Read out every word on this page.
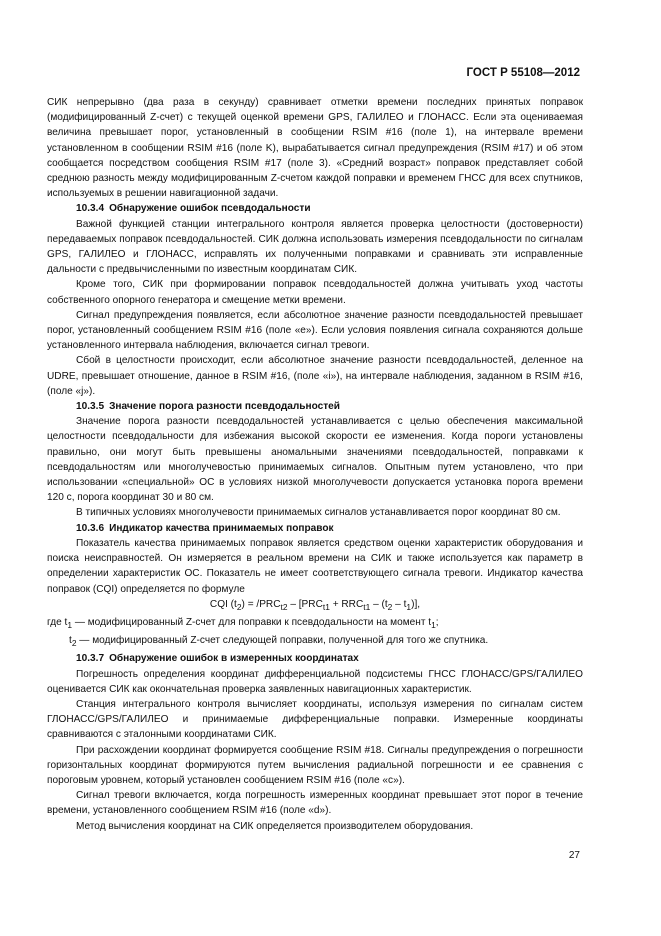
ГОСТ Р 55108—2012

СИК непрерывно (два раза в секунду) сравнивает отметки времени последних принятых поправок (модифицированный Z-счет) с текущей оценкой времени GPS, ГАЛИЛЕО и ГЛОНАСС. Если эта оцениваемая величина превышает порог, установленный в сообщении RSIM #16 (поле 1), на интервале времени установленном в сообщении RSIM #16 (поле K), вырабатывается сигнал предупреждения (RSIM #17) и об этом сообщается посредством сообщения RSIM #17 (поле 3). «Средний возраст» поправок представляет собой среднюю разность между модифицированным Z-счетом каждой поправки и временем ГНСС для всех спутников, используемых в решении навигационной задачи.

10.3.4 Обнаружение ошибок псевдодальности

Важной функцией станции интегрального контроля является проверка целостности (достоверности) передаваемых поправок псевдодальностей. СИК должна использовать измерения псевдодальности по сигналам GPS, ГАЛИЛЕО и ГЛОНАСС, исправлять их полученными поправками и сравнивать эти исправленные дальности с предвычисленными по известным координатам СИК.

Кроме того, СИК при формировании поправок псевдодальностей должна учитывать уход частоты собственного опорного генератора и смещение метки времени.

Сигнал предупреждения появляется, если абсолютное значение разности псевдодальностей превышает порог, установленный сообщением RSIM #16 (поле «е»). Если условия появления сигнала сохраняются дольше установленного интервала наблюдения, включается сигнал тревоги.

Сбой в целостности происходит, если абсолютное значение разности псевдодальностей, деленное на UDRE, превышает отношение, данное в RSIM #16, (поле «i»), на интервале наблюдения, заданном в RSIM #16, (поле «j»).

10.3.5 Значение порога разности псевдодальностей

Значение порога разности псевдодальностей устанавливается с целью обеспечения максимальной целостности псевдодальности для избежания высокой скорости ее изменения. Когда пороги установлены правильно, они могут быть превышены аномальными значениями псевдодальностей, поправками к псевдодальностям или многолучевостью принимаемых сигналов. Опытным путем установлено, что при использовании «специальной» ОС в условиях низкой многолучевости допускается установка порога времени 120 с, порога координат 30 и 80 см.

В типичных условиях многолучевости принимаемых сигналов устанавливается порог координат 80 см.

10.3.6 Индикатор качества принимаемых поправок

Показатель качества принимаемых поправок является средством оценки характеристик оборудования и поиска неисправностей. Он измеряется в реальном времени на СИК и также используется как параметр в определении характеристик ОС. Показатель не имеет соответствующего сигнала тревоги. Индикатор качества поправок (CQI) определяется по формуле

CQI $(t_2) = /PRC_{t2} - [PRC_{t1} + RRC_{t1} - (t_2 - t_1)]$,

где $t_1$ — модифицированный Z-счет для поправки к псевдодальности на момент $t_1$;

$t_2$ — модифицированный Z-счет следующей поправки, полученной для того же спутника.

10.3.7 Обнаружение ошибок в измеренных координатах

Погрешность определения координат дифференциальной подсистемы ГНСС ГЛОНАСС/GPS/ГАЛИЛЕО оценивается СИК как окончательная проверка заявленных навигационных характеристик.

Станция интегрального контроля вычисляет координаты, используя измерения по сигналам систем ГЛОНАСС/GPS/ГАЛИЛЕО и принимаемые дифференциальные поправки. Измеренные координаты сравниваются с эталонными координатами СИК.

При расхождении координат формируется сообщение RSIM #18. Сигналы предупреждения о погрешности горизонтальных координат формируются путем вычисления радиальной погрешности и ее сравнения с пороговым уровнем, который установлен сообщением RSIM #16 (поле «с»).

Сигнал тревоги включается, когда погрешность измеренных координат превышает этот порог в течение времени, установленного сообщением RSIM #16 (поле «d»).

Метод вычисления координат на СИК определяется производителем оборудования.

27
